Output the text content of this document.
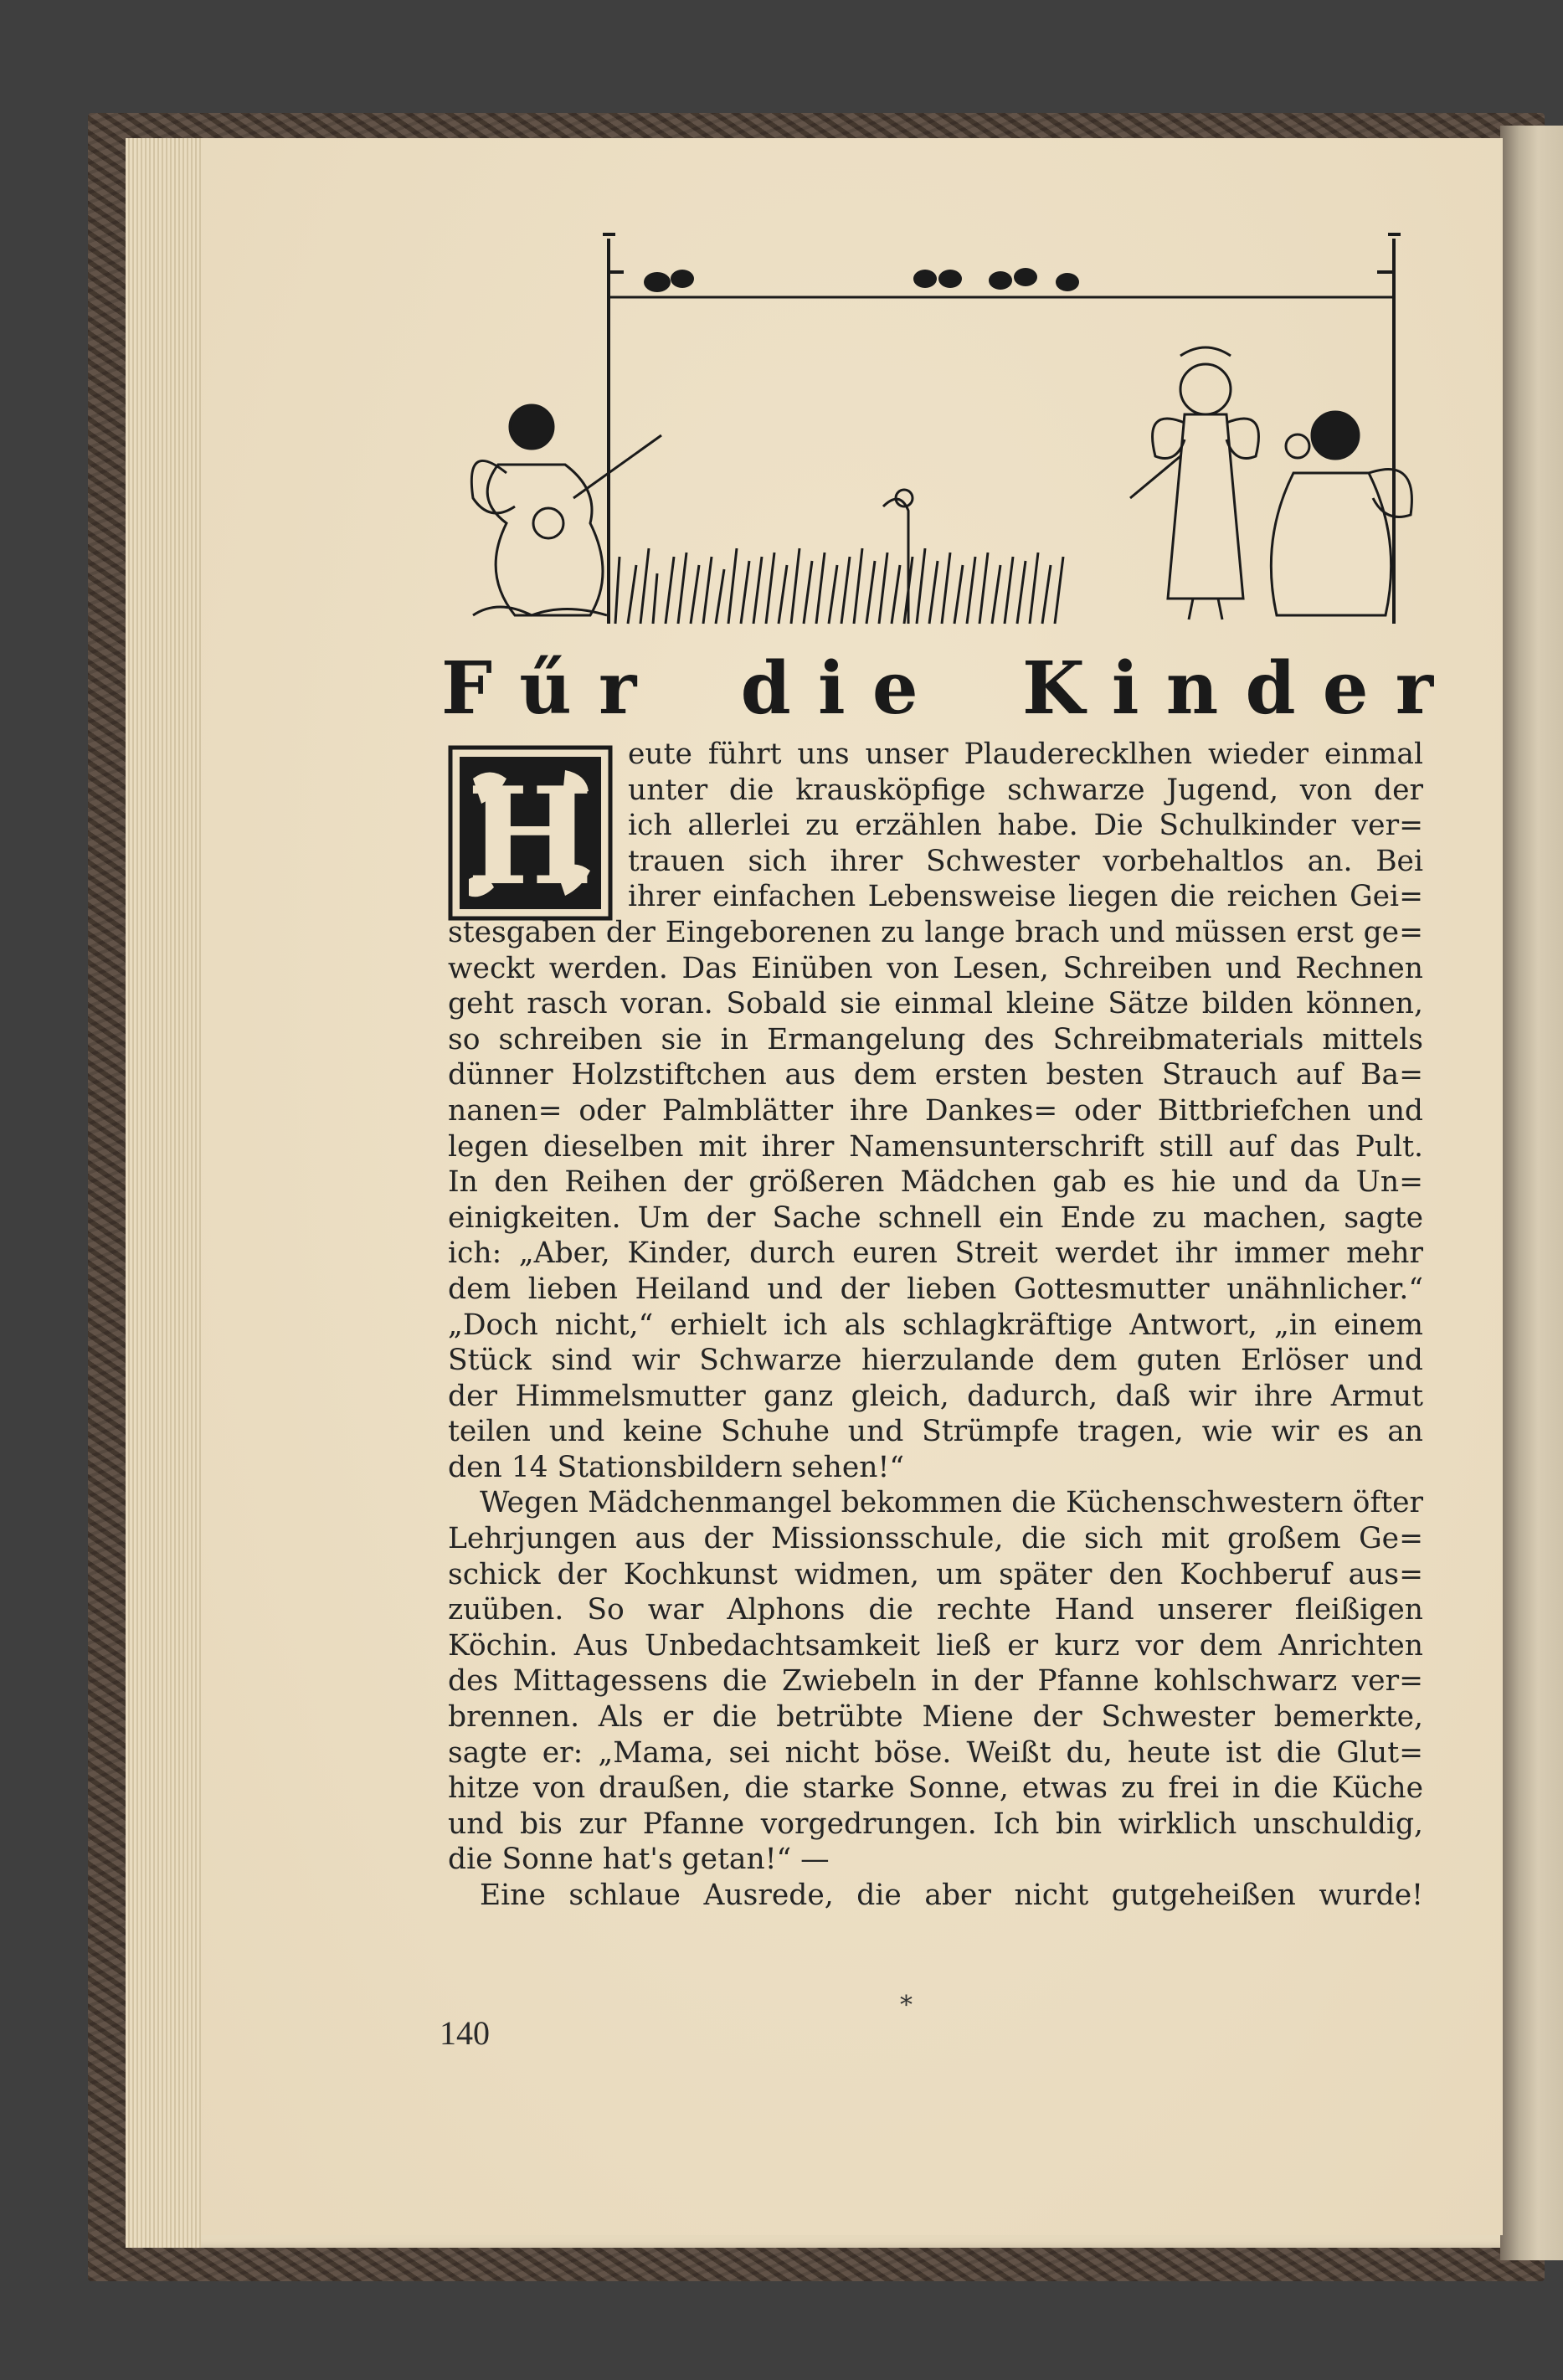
F ű r d i e K i n d e r
H
eute führt uns unser Plauderecklhen wieder einmal
unter die krausköpfige schwarze Jugend, von der
ich allerlei zu erzählen habe. Die Schulkinder ver=
trauen sich ihrer Schwester vorbehaltlos an. Bei
ihrer einfachen Lebensweise liegen die reichen Gei=
stesgaben der Eingeborenen zu lange brach und müssen erst ge=
weckt werden. Das Einüben von Lesen, Schreiben und Rechnen
geht rasch voran. Sobald sie einmal kleine Sätze bilden können,
so schreiben sie in Ermangelung des Schreibmaterials mittels
dünner Holzstiftchen aus dem ersten besten Strauch auf Ba=
nanen= oder Palmblätter ihre Dankes= oder Bittbriefchen und
legen dieselben mit ihrer Namensunterschrift still auf das Pult.
In den Reihen der größeren Mädchen gab es hie und da Un=
einigkeiten. Um der Sache schnell ein Ende zu machen, sagte
ich: „Aber, Kinder, durch euren Streit werdet ihr immer mehr
dem lieben Heiland und der lieben Gottesmutter unähnlicher.“
„Doch nicht,“ erhielt ich als schlagkräftige Antwort, „in einem
Stück sind wir Schwarze hierzulande dem guten Erlöser und
der Himmelsmutter ganz gleich, dadurch, daß wir ihre Armut
teilen und keine Schuhe und Strümpfe tragen, wie wir es an
den 14 Stationsbildern sehen!“
Wegen Mädchenmangel bekommen die Küchenschwestern öfter
Lehrjungen aus der Missionsschule, die sich mit großem Ge=
schick der Kochkunst widmen, um später den Kochberuf aus=
zuüben. So war Alphons die rechte Hand unserer fleißigen
Köchin. Aus Unbedachtsamkeit ließ er kurz vor dem Anrichten
des Mittagessens die Zwiebeln in der Pfanne kohlschwarz ver=
brennen. Als er die betrübte Miene der Schwester bemerkte,
sagte er: „Mama, sei nicht böse. Weißt du, heute ist die Glut=
hitze von draußen, die starke Sonne, etwas zu frei in die Küche
und bis zur Pfanne vorgedrungen. Ich bin wirklich unschuldig,
die Sonne hat's getan!“ —
Eine schlaue Ausrede, die aber nicht gutgeheißen wurde!
*
140
